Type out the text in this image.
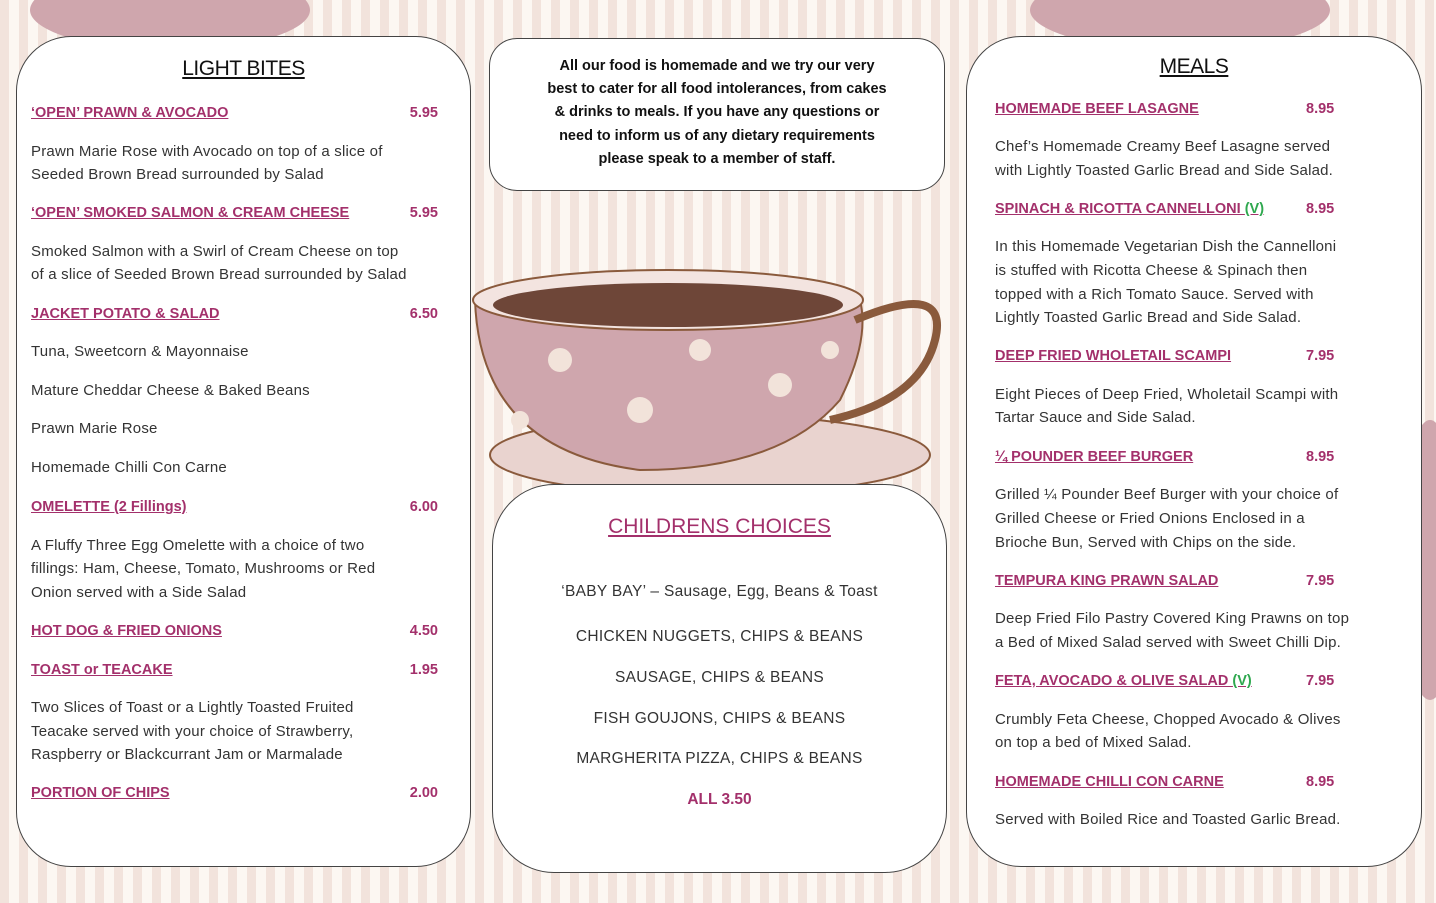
LIGHT BITES
‘OPEN’ PRAWN & AVOCADO	5.95
Prawn Marie Rose with Avocado on top of a slice of
Seeded Brown Bread surrounded by Salad
‘OPEN’ SMOKED SALMON & CREAM CHEESE	5.95
Smoked Salmon with a Swirl of Cream Cheese on top
of a slice of Seeded Brown Bread surrounded by Salad
JACKET POTATO & SALAD	6.50
Tuna, Sweetcorn & Mayonnaise
Mature Cheddar Cheese & Baked Beans
Prawn Marie Rose
Homemade Chilli Con Carne
OMELETTE (2 Fillings)	6.00
A Fluffy Three Egg Omelette with a choice of two
fillings: Ham, Cheese, Tomato, Mushrooms or Red
Onion served with a Side Salad
HOT DOG & FRIED ONIONS	4.50
TOAST or TEACAKE	1.95
Two Slices of Toast or a Lightly Toasted Fruited
Teacake served with your choice of Strawberry,
Raspberry or Blackcurrant Jam or Marmalade
PORTION OF CHIPS	2.00
All our food is homemade and we try our very
best to cater for all food intolerances, from cakes
& drinks to meals. If you have any questions or
need to inform us of any dietary requirements
please speak to a member of staff.
CHILDRENS CHOICES
ALL 3.50
‘BABY BAY’ – Sausage, Egg, Beans & Toast
CHICKEN NUGGETS, CHIPS & BEANS
SAUSAGE, CHIPS & BEANS
FISH GOUJONS, CHIPS & BEANS
MARGHERITA PIZZA, CHIPS & BEANS
MEALS
HOMEMADE BEEF LASAGNE	8.95
Chef’s Homemade Creamy Beef Lasagne served
with Lightly Toasted Garlic Bread and Side Salad.
SPINACH & RICOTTA CANNELLONI (V)	8.95
In this Homemade Vegetarian Dish the Cannelloni
is stuffed with Ricotta Cheese & Spinach then
topped with a Rich Tomato Sauce. Served with
Lightly Toasted Garlic Bread and Side Salad.
DEEP FRIED WHOLETAIL SCAMPI	7.95
Eight Pieces of Deep Fried, Wholetail Scampi with
Tartar Sauce and Side Salad.
¼ POUNDER BEEF BURGER	8.95
Grilled ¼ Pounder Beef Burger with your choice of
Grilled Cheese or Fried Onions Enclosed in a
Brioche Bun, Served with Chips on the side.
TEMPURA KING PRAWN SALAD	7.95
Deep Fried Filo Pastry Covered King Prawns on top
a Bed of Mixed Salad served with Sweet Chilli Dip.
FETA, AVOCADO & OLIVE SALAD (V)	7.95
Crumbly Feta Cheese, Chopped Avocado & Olives
on top a bed of Mixed Salad.
HOMEMADE CHILLI CON CARNE	8.95
Served with Boiled Rice and Toasted Garlic Bread.
